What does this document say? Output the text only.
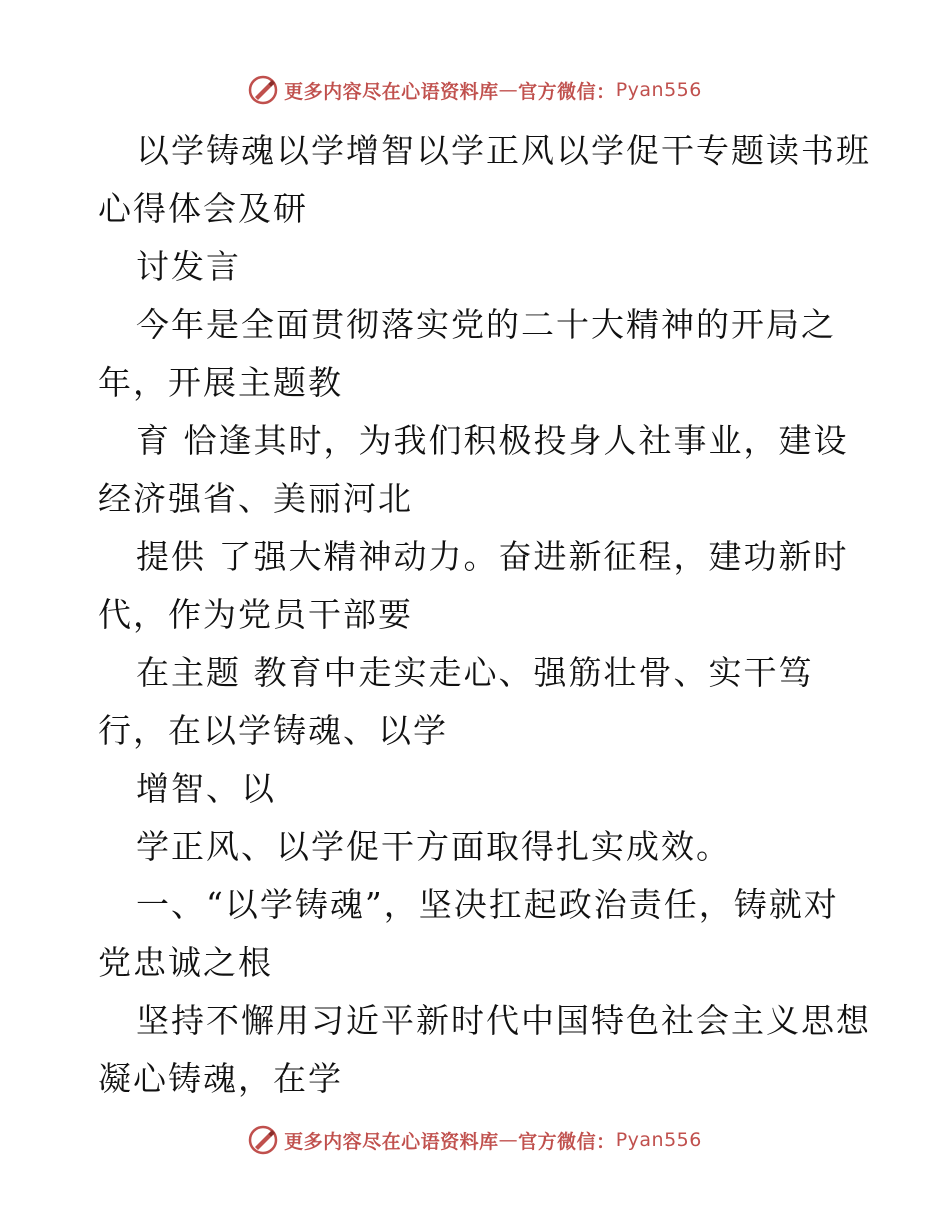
更多内容尽在心语资料库 — 官方微信： Pyan556
以学铸魂以学增智以学正风以学促干专题读书班
心得体会及研
讨发言
今年是全面贯彻落实党的二十大精神的开局之
年，开展主题教
育 恰逢其时，为我们积极投身人社事业，建设
经济强省、美丽河北
提供 了强大精神动力。奋进新征程，建功新时
代，作为党员干部要
在主题 教育中走实走心、强筋壮骨、实干笃
行，在以学铸魂、以学
增智、以
学正风、以学促干方面取得扎实成效。
一、“以学铸魂”，坚决扛起政治责任，铸就对
党忠诚之根
坚持不懈用习近平新时代中国特色社会主义思想
凝心铸魂，在学
更多内容尽在心语资料库 — 官方微信： Pyan556
